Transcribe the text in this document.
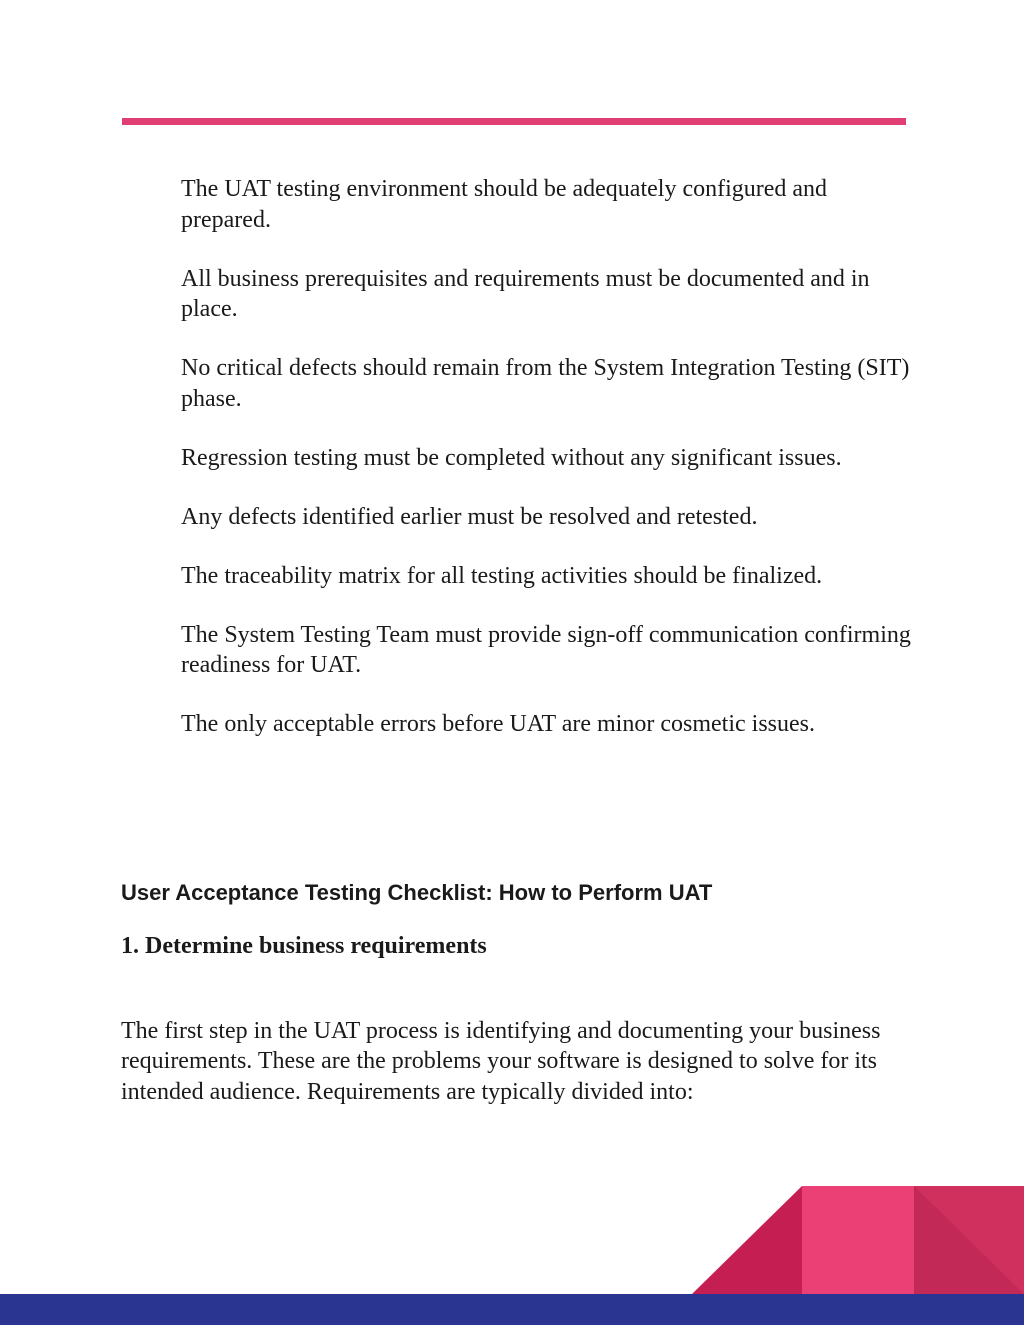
The UAT testing environment should be adequately configured and prepared.
All business prerequisites and requirements must be documented and in place.
No critical defects should remain from the System Integration Testing (SIT) phase.
Regression testing must be completed without any significant issues.
Any defects identified earlier must be resolved and retested.
The traceability matrix for all testing activities should be finalized.
The System Testing Team must provide sign-off communication confirming readiness for UAT.
The only acceptable errors before UAT are minor cosmetic issues.
User Acceptance Testing Checklist: How to Perform UAT
1. Determine business requirements

The first step in the UAT process is identifying and documenting your business requirements. These are the problems your software is designed to solve for its intended audience. Requirements are typically divided into:
